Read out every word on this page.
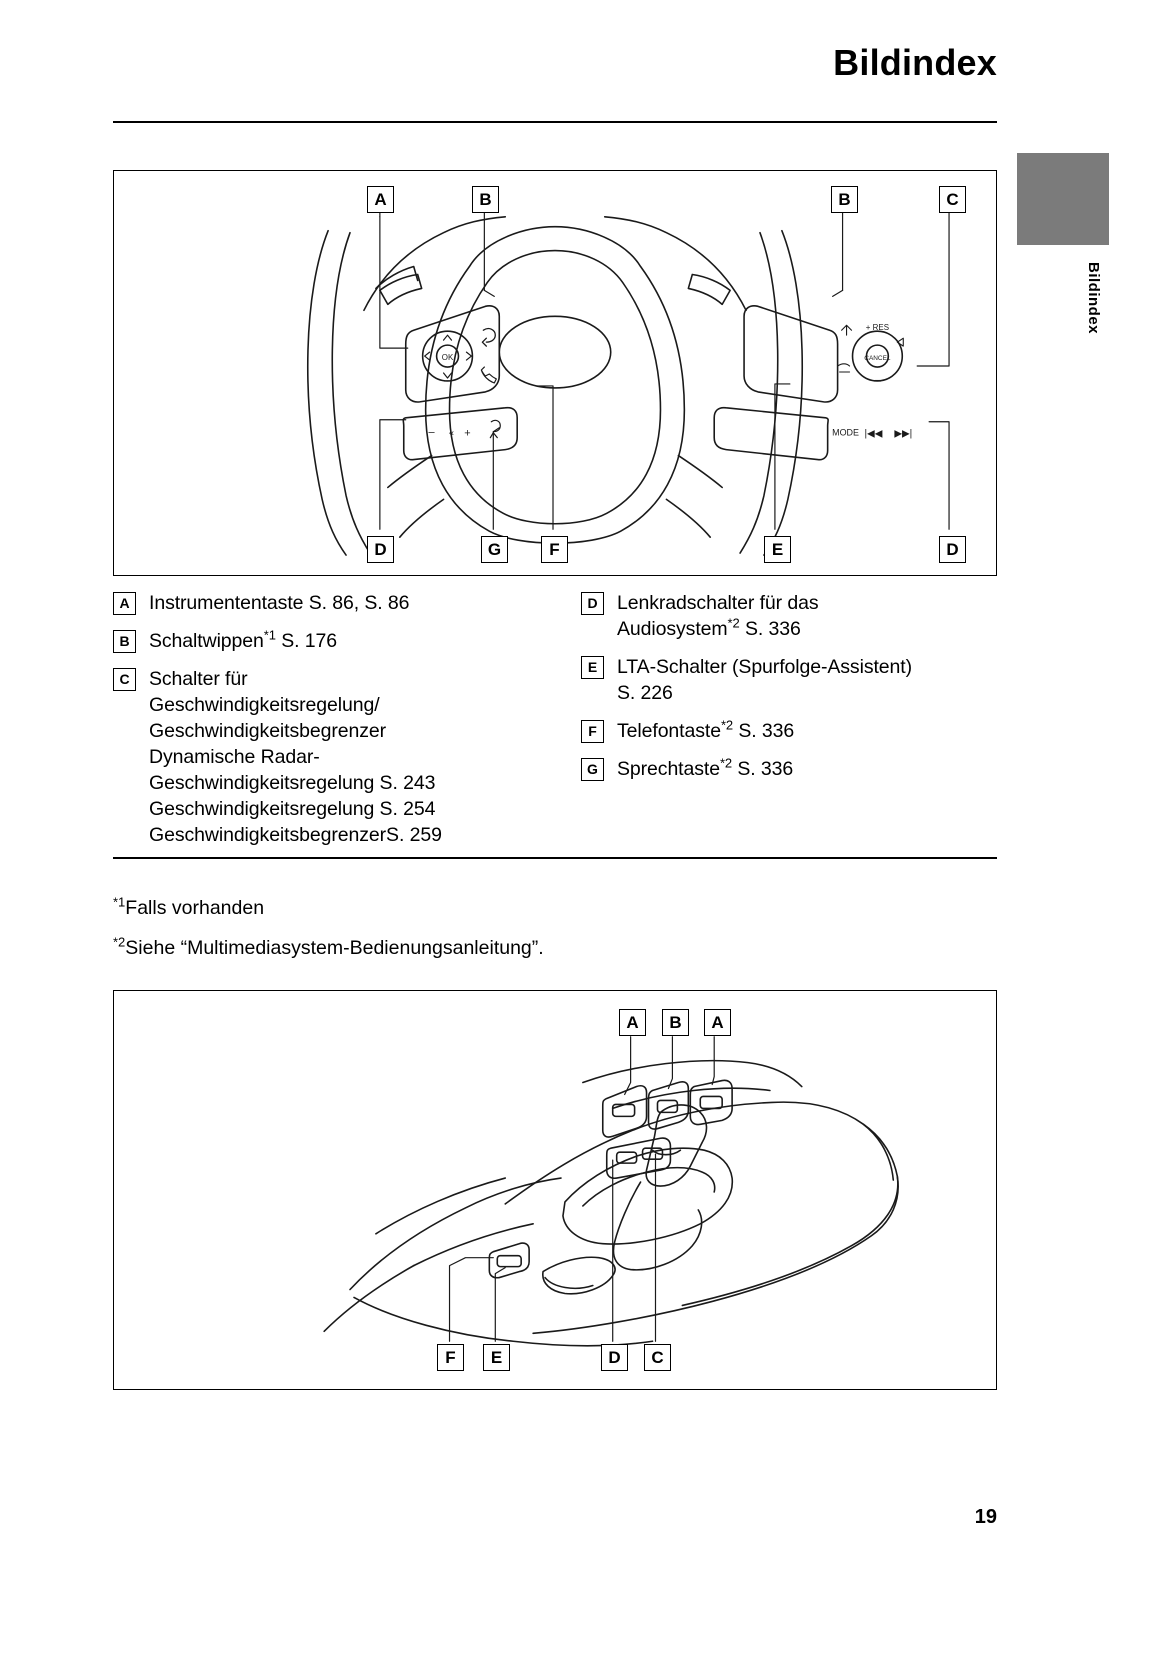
Bildindex
Bildindex
OK
– « +
CANCEL
+ RES
–
MODE |◀◀ ▶▶|
A	B	B	C
D	G	F	E	D
A Instrumententaste S. 86, S. 86
B Schaltwippen$^{*1}$ S. 176
C Schalter für
Geschwindigkeitsregelung/
Geschwindigkeitsbegrenzer
Dynamische Radar-
Geschwindigkeitsregelung S. 243
Geschwindigkeitsregelung S. 254
GeschwindigkeitsbegrenzerS. 259
D Lenkradschalter für das
Audiosystem$^{*2}$ S. 336
E	LTA-Schalter (Spurfolge-Assistent)
S. 226
F	Telefontaste$^{*2}$ S. 336
G Sprechtaste$^{*2}$ S. 336
$^{*1}$Falls vorhanden
$^{*2}$Siehe “Multimediasystem-Bedienungsanleitung”.
A	B	A
F	E	D	C
19
